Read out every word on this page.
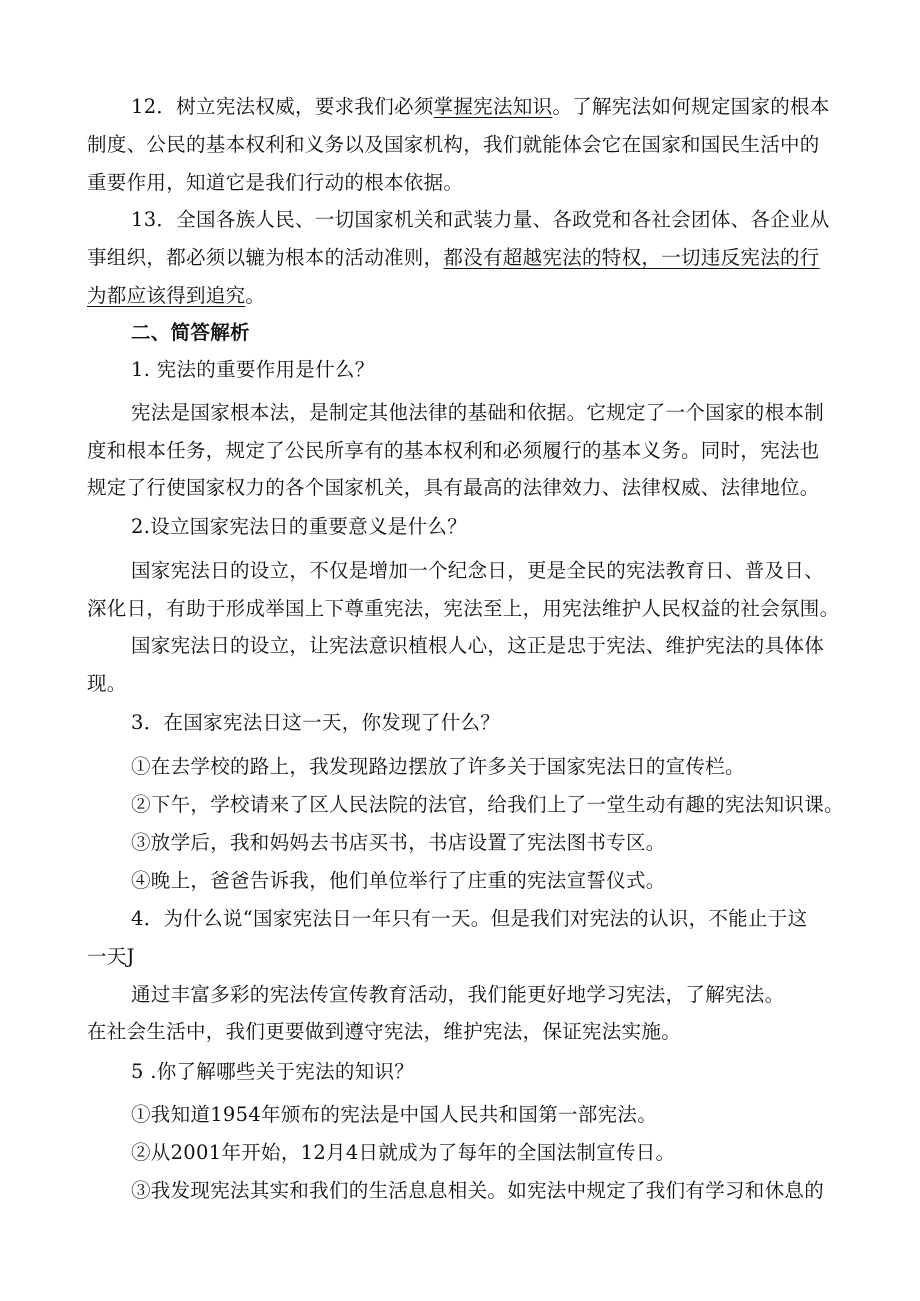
12．树立宪法权威，要求我们必须掌握宪法知识。了解宪法如何规定国家的根本
制度、公民的基本权利和义务以及国家机构，我们就能体会它在国家和国民生活中的
重要作用，知道它是我们行动的根本依据。
13．全国各族人民、一切国家机关和武装力量、各政党和各社会团体、各企业从
事组织，都必须以辘为根本的活动准则，都没有超越宪法的特权，一切违反宪法的行
为都应该得到追究。
二、简答解析
1. 宪法的重要作用是什么？
宪法是国家根本法，是制定其他法律的基础和依据。它规定了一个国家的根本制
度和根本任务，规定了公民所享有的基本权利和必须履行的基本义务。同时，宪法也
规定了行使国家权力的各个国家机关，具有最高的法律效力、法律权威、法律地位。
2.设立国家宪法日的重要意义是什么？
国家宪法日的设立，不仅是增加一个纪念日，更是全民的宪法教育日、普及日、
深化日，有助于形成举国上下尊重宪法，宪法至上，用宪法维护人民权益的社会氛围。
国家宪法日的设立，让宪法意识植根人心，这正是忠于宪法、维护宪法的具体体
现。
3．在国家宪法日这一天，你发现了什么？
①在去学校的路上，我发现路边摆放了许多关于国家宪法日的宣传栏。
②下午，学校请来了区人民法院的法官，给我们上了一堂生动有趣的宪法知识课。
③放学后，我和妈妈去书店买书，书店设置了宪法图书专区。
④晚上，爸爸告诉我，他们单位举行了庄重的宪法宣誓仪式。
4．为什么说“国家宪法日一年只有一天。但是我们对宪法的认识，不能止于这
一天J
通过丰富多彩的宪法传宣传教育活动，我们能更好地学习宪法，了解宪法。
在社会生活中，我们更要做到遵守宪法，维护宪法，保证宪法实施。
5 .你了解哪些关于宪法的知识？
①我知道1954年颁布的宪法是中国人民共和国第一部宪法。
②从2001年开始，12月4日就成为了每年的全国法制宣传日。
③我发现宪法其实和我们的生活息息相关。如宪法中规定了我们有学习和休息的
